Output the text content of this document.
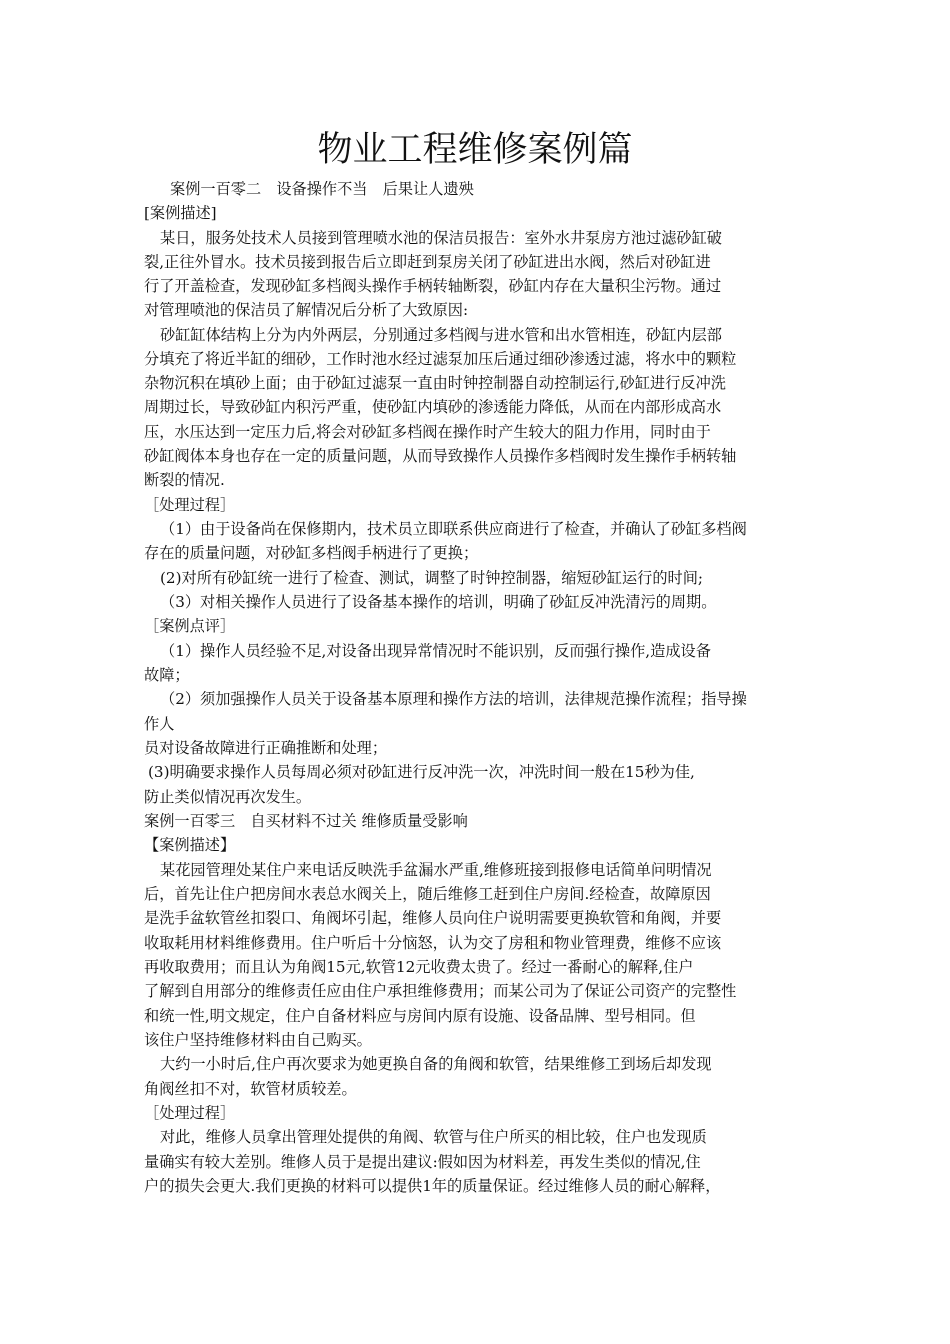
物业工程维修案例篇
案例一百零二　设备操作不当　后果让人遗殃
[案例描述]
某日，服务处技术人员接到管理喷水池的保洁员报告：室外水井泵房方池过滤砂缸破
裂,正往外冒水。技术员接到报告后立即赶到泵房关闭了砂缸进出水阀，然后对砂缸进
行了开盖检查，发现砂缸多档阀头操作手柄转轴断裂，砂缸内存在大量积尘污物。通过
对管理喷池的保洁员了解情况后分析了大致原因:
砂缸缸体结构上分为内外两层，分别通过多档阀与进水管和出水管相连，砂缸内层部
分填充了将近半缸的细砂，工作时池水经过滤泵加压后通过细砂渗透过滤，将水中的颗粒
杂物沉积在填砂上面；由于砂缸过滤泵一直由时钟控制器自动控制运行,砂缸进行反冲洗
周期过长，导致砂缸内积污严重，使砂缸内填砂的渗透能力降低，从而在内部形成高水
压，水压达到一定压力后,将会对砂缸多档阀在操作时产生较大的阻力作用，同时由于
砂缸阀体本身也存在一定的质量问题，从而导致操作人员操作多档阀时发生操作手柄转轴
断裂的情况.
［处理过程］
（1）由于设备尚在保修期内，技术员立即联系供应商进行了检查，并确认了砂缸多档阀
存在的质量问题，对砂缸多档阀手柄进行了更换；
(2)对所有砂缸统一进行了检查、测试，调整了时钟控制器，缩短砂缸运行的时间;
（3）对相关操作人员进行了设备基本操作的培训，明确了砂缸反冲洗清污的周期。
［案例点评］
（1）操作人员经验不足,对设备出现异常情况时不能识别，反而强行操作,造成设备
故障；
（2）须加强操作人员关于设备基本原理和操作方法的培训，法律规范操作流程；指导操
作人
员对设备故障进行正确推断和处理；
(3)明确要求操作人员每周必须对砂缸进行反冲洗一次，冲洗时间一般在15秒为佳,
防止类似情况再次发生。
案例一百零三　自买材料不过关 维修质量受影响
【案例描述】
某花园管理处某住户来电话反映洗手盆漏水严重,维修班接到报修电话简单问明情况
后，首先让住户把房间水表总水阀关上，随后维修工赶到住户房间.经检查，故障原因
是洗手盆软管丝扣裂口、角阀坏引起，维修人员向住户说明需要更换软管和角阀，并要
收取耗用材料维修费用。住户听后十分恼怒，认为交了房租和物业管理费，维修不应该
再收取费用；而且认为角阀15元,软管12元收费太贵了。经过一番耐心的解释,住户
了解到自用部分的维修责任应由住户承担维修费用；而某公司为了保证公司资产的完整性
和统一性,明文规定，住户自备材料应与房间内原有设施、设备品牌、型号相同。但
该住户坚持维修材料由自己购买。
大约一小时后,住户再次要求为她更换自备的角阀和软管，结果维修工到场后却发现
角阀丝扣不对，软管材质较差。
［处理过程］
对此，维修人员拿出管理处提供的角阀、软管与住户所买的相比较，住户也发现质
量确实有较大差别。维修人员于是提出建议:假如因为材料差，再发生类似的情况,住
户的损失会更大.我们更换的材料可以提供1年的质量保证。经过维修人员的耐心解释，
